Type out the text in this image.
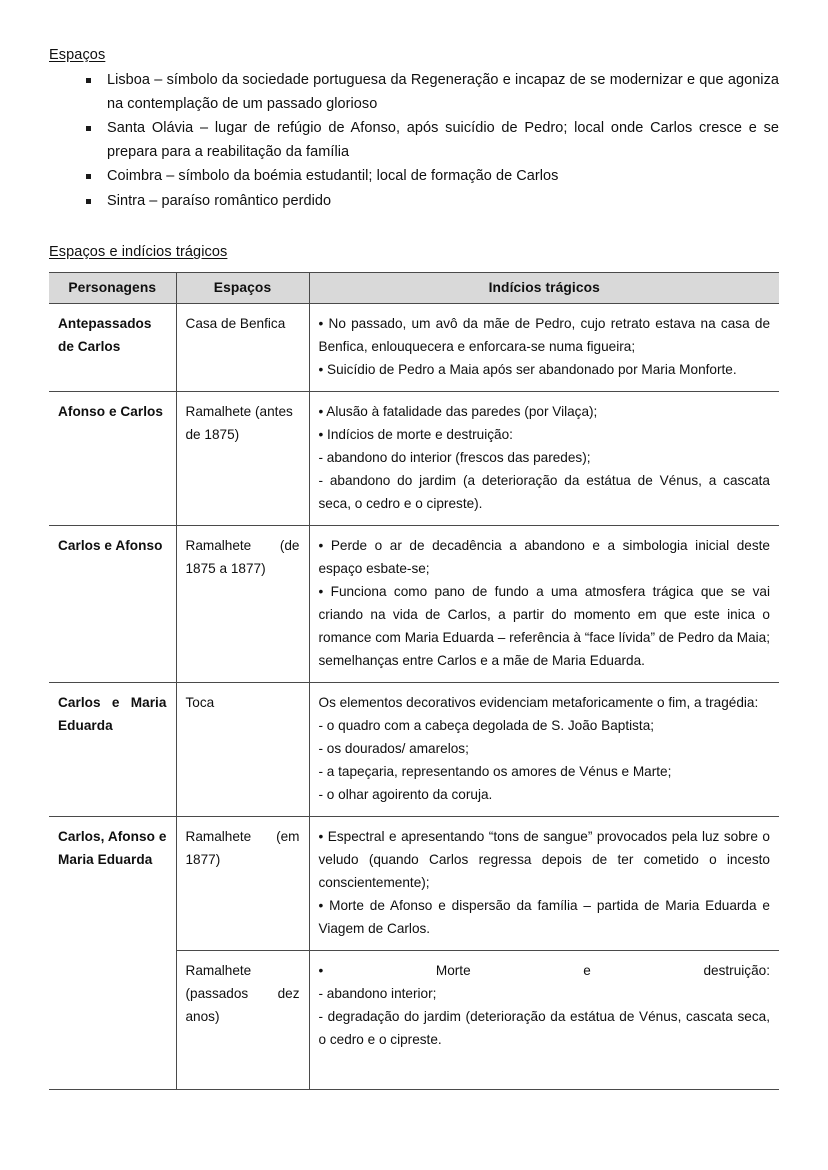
Espaços
Lisboa – símbolo da sociedade portuguesa da Regeneração e incapaz de se modernizar e que agoniza na contemplação de um passado glorioso
Santa Olávia – lugar de refúgio de Afonso, após suicídio de Pedro; local onde Carlos cresce e se prepara para a reabilitação da família
Coimbra – símbolo da boémia estudantil; local de formação de Carlos
Sintra – paraíso romântico perdido
Espaços e indícios trágicos
Personagens	Espaços	Indícios trágicos
Antepassados de Carlos	Casa de Benfica	• No passado, um avô da mãe de Pedro, cujo retrato estava na casa de Benfica, enlouquecera e enforcara-se numa figueira;

• Suicídio de Pedro a Maia após ser abandonado por Maria Monforte.

Afonso e Carlos	Ramalhete (antes de 1875)	• Alusão à fatalidade das paredes (por Vilaça);

• Indícios de morte e destruição:

- abandono do interior (frescos das paredes);

- abandono do jardim (a deterioração da estátua de Vénus, a cascata seca, o cedro e o cipreste).

Carlos e Afonso	Ramalhete (de 1875 a 1877)	• Perde o ar de decadência a abandono e a simbologia inicial deste espaço esbate-se;

• Funciona como pano de fundo a uma atmosfera trágica que se vai criando na vida de Carlos, a partir do momento em que este inica o romance com Maria Eduarda – referência à “face lívida” de Pedro da Maia; semelhanças entre Carlos e a mãe de Maria Eduarda.

Carlos e Maria Eduarda	Toca	Os elementos decorativos evidenciam metaforicamente o fim, a tragédia:

- o quadro com a cabeça degolada de S. João Baptista;

- os dourados/ amarelos;

- a tapeçaria, representando os amores de Vénus e Marte;

- o olhar agoirento da coruja.

Carlos, Afonso e Maria Eduarda	Ramalhete (em 1877)	• Espectral e apresentando “tons de sangue” provocados pela luz sobre o veludo (quando Carlos regressa depois de ter cometido o incesto conscientemente);

• Morte de Afonso e dispersão da família – partida de Maria Eduarda e Viagem de Carlos.

	Ramalhete (passados dez anos)	• Morte e destruição:

- abandono interior;

- degradação do jardim (deterioração da estátua de Vénus, cascata seca, o cedro e o cipreste.
